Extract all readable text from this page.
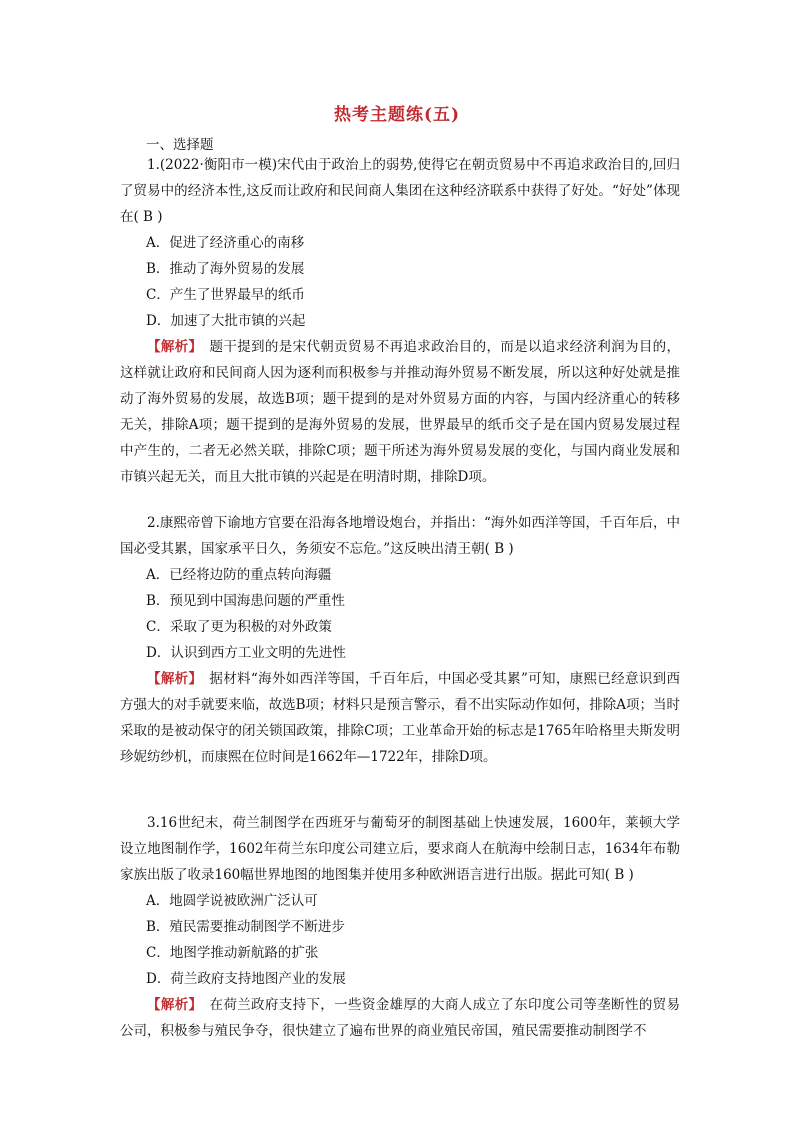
热考主题练(五)
一、选择题

1.(2022·衡阳市一模)宋代由于政治上的弱势,使得它在朝贡贸易中不再追求政治目的,回归了贸易中的经济本性,这反而让政府和民间商人集团在这种经济联系中获得了好处。“好处”体现在( B )

A．促进了经济重心的南移

B．推动了海外贸易的发展

C．产生了世界最早的纸币

D．加速了大批市镇的兴起

【解析】　题干提到的是宋代朝贡贸易不再追求政治目的，而是以追求经济利润为目的，这样就让政府和民间商人因为逐利而积极参与并推动海外贸易不断发展，所以这种好处就是推动了海外贸易的发展，故选B项；题干提到的是对外贸易方面的内容，与国内经济重心的转移无关，排除A项；题干提到的是海外贸易的发展，世界最早的纸币交子是在国内贸易发展过程中产生的，二者无必然关联，排除C项；题干所述为海外贸易发展的变化，与国内商业发展和市镇兴起无关，而且大批市镇的兴起是在明清时期，排除D项。

2.康熙帝曾下谕地方官要在沿海各地增设炮台，并指出：“海外如西洋等国，千百年后，中国必受其累，国家承平日久，务须安不忘危。”这反映出清王朝( B )

A．已经将边防的重点转向海疆

B．预见到中国海患问题的严重性

C．采取了更为积极的对外政策

D．认识到西方工业文明的先进性

【解析】　据材料“海外如西洋等国，千百年后，中国必受其累”可知，康熙已经意识到西方强大的对手就要来临，故选B项；材料只是预言警示，看不出实际动作如何，排除A项；当时采取的是被动保守的闭关锁国政策，排除C项；工业革命开始的标志是1765年哈格里夫斯发明珍妮纺纱机，而康熙在位时间是1662年—1722年，排除D项。

3.16世纪末，荷兰制图学在西班牙与葡萄牙的制图基础上快速发展，1600年，莱顿大学设立地图制作学，1602年荷兰东印度公司建立后，要求商人在航海中绘制日志，1634年布勒家族出版了收录160幅世界地图的地图集并使用多种欧洲语言进行出版。据此可知( B )

A．地圆学说被欧洲广泛认可

B．殖民需要推动制图学不断进步

C．地图学推动新航路的扩张

D．荷兰政府支持地图产业的发展

【解析】　在荷兰政府支持下，一些资金雄厚的大商人成立了东印度公司等垄断性的贸易公司，积极参与殖民争夺，很快建立了遍布世界的商业殖民帝国，殖民需要推动制图学不
